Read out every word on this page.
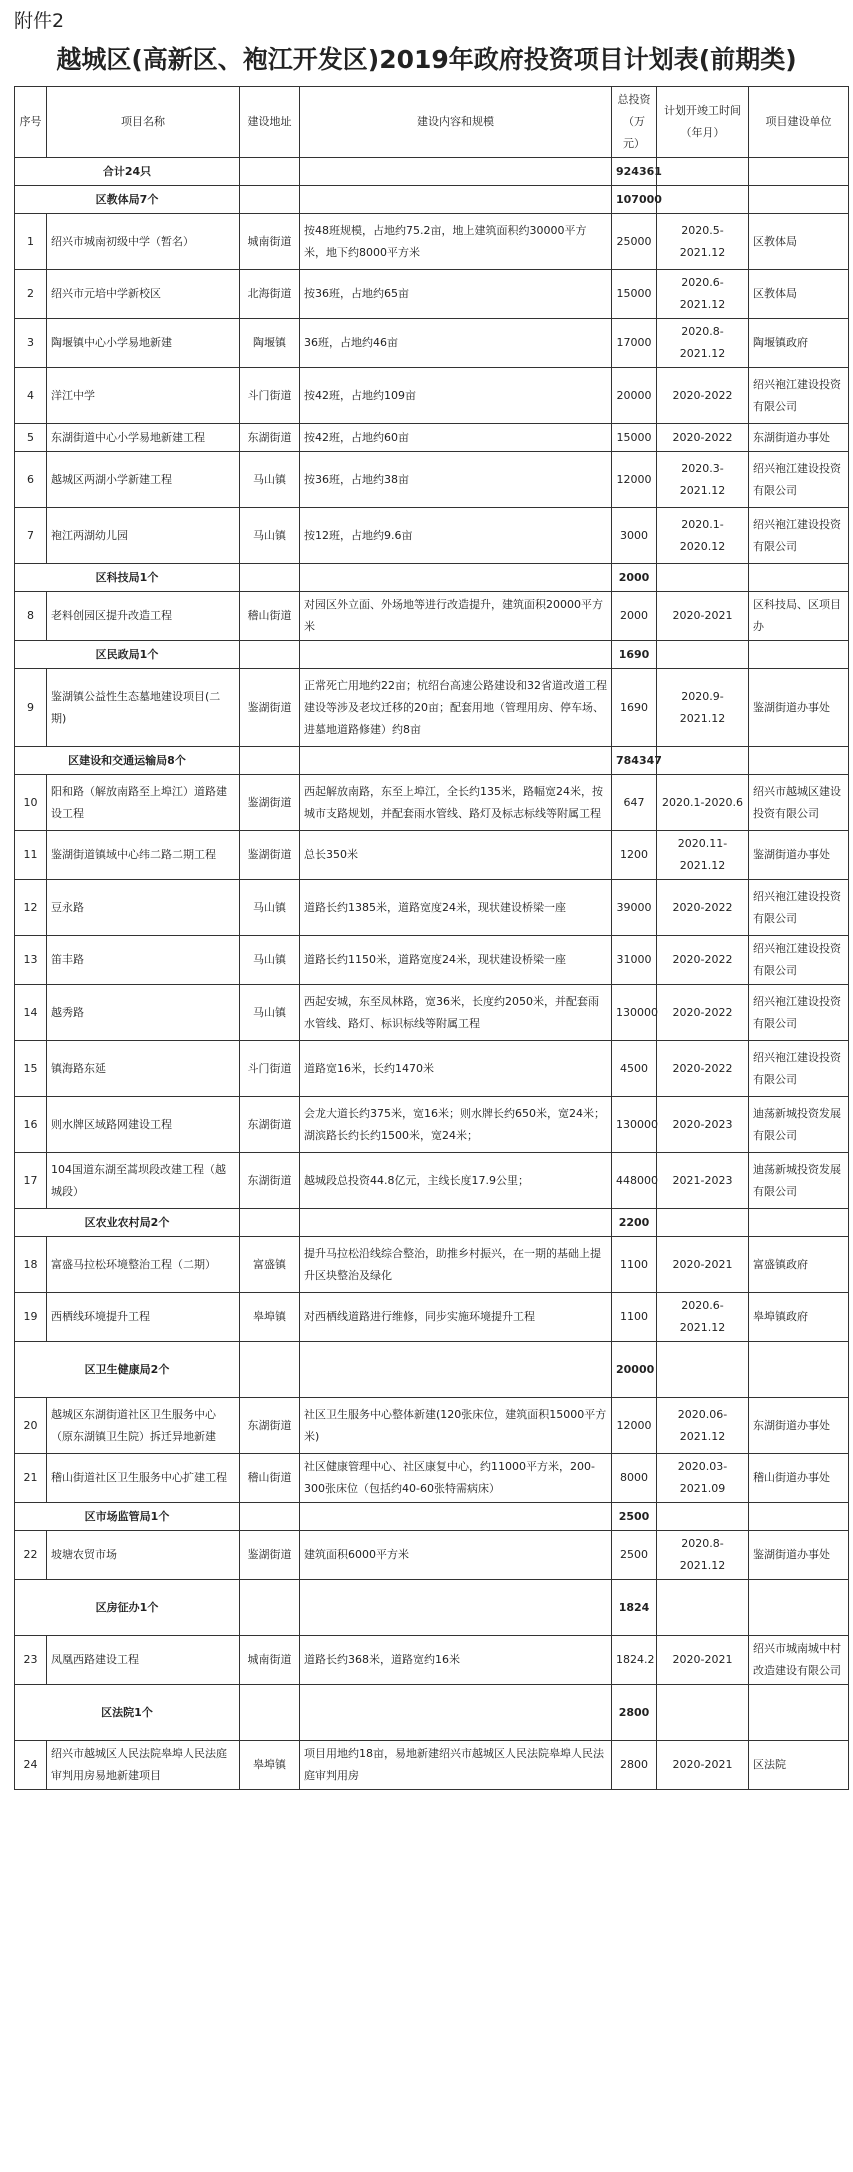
附件2
越城区(高新区、袍江开发区)2019年政府投资项目计划表(前期类)
序号	项目名称	建设地址	建设内容和规模	总投资（万元）	计划开竣工时间（年月）	项目建设单位
合计24只				924361		
区教体局7个				107000		
1	绍兴市城南初级中学（暂名）	城南街道	按48班规模，占地约75.2亩，地上建筑面积约30000平方米，地下约8000平方米	25000	2020.5-2021.12	区教体局
2	绍兴市元培中学新校区	北海街道	按36班，占地约65亩	15000	2020.6-2021.12	区教体局
3	陶堰镇中心小学易地新建	陶堰镇	36班，占地约46亩	17000	2020.8-2021.12	陶堰镇政府
4	洋江中学	斗门街道	按42班，占地约109亩	20000	2020-2022	绍兴袍江建设投资有限公司
5	东湖街道中心小学易地新建工程	东湖街道	按42班，占地约60亩	15000	2020-2022	东湖街道办事处
6	越城区两湖小学新建工程	马山镇	按36班，占地约38亩	12000	2020.3-2021.12	绍兴袍江建设投资有限公司
7	袍江两湖幼儿园	马山镇	按12班，占地约9.6亩	3000	2020.1-2020.12	绍兴袍江建设投资有限公司
区科技局1个				2000		
8	老料创园区提升改造工程	稽山街道	对园区外立面、外场地等进行改造提升，建筑面积20000平方米	2000	2020-2021	区科技局、区项目办
区民政局1个				1690		
9	鉴湖镇公益性生态墓地建设项目(二期)	鉴湖街道	正常死亡用地约22亩；杭绍台高速公路建设和32省道改道工程建设等涉及老坟迁移的20亩；配套用地（管理用房、停车场、进墓地道路修建）约8亩	1690	2020.9-2021.12	鉴湖街道办事处
区建设和交通运输局8个				784347		
10	阳和路（解放南路至上埠江）道路建设工程	鉴湖街道	西起解放南路，东至上埠江，全长约135米，路幅宽24米，按城市支路规划，并配套雨水管线、路灯及标志标线等附属工程	647	2020.1-2020.6	绍兴市越城区建设投资有限公司
11	鉴湖街道镇域中心纬二路二期工程	鉴湖街道	总长350米	1200	2020.11-2021.12	鉴湖街道办事处
12	豆永路	马山镇	道路长约1385米，道路宽度24米，现状建设桥梁一座	39000	2020-2022	绍兴袍江建设投资有限公司
13	笛丰路	马山镇	道路长约1150米，道路宽度24米，现状建设桥梁一座	31000	2020-2022	绍兴袍江建设投资有限公司
14	越秀路	马山镇	西起安城，东至凤林路，宽36米，长度约2050米，并配套雨水管线、路灯、标识标线等附属工程	130000	2020-2022	绍兴袍江建设投资有限公司
15	镇海路东延	斗门街道	道路宽16米，长约1470米	4500	2020-2022	绍兴袍江建设投资有限公司
16	则水牌区域路网建设工程	东湖街道	会龙大道长约375米，宽16米；则水牌长约650米，宽24米；湖滨路长约长约1500米，宽24米；	130000	2020-2023	迪荡新城投资发展有限公司
17	104国道东湖至蒿坝段改建工程（越城段）	东湖街道	越城段总投资44.8亿元，主线长度17.9公里；	448000	2021-2023	迪荡新城投资发展有限公司
区农业农村局2个				2200		
18	富盛马拉松环境整治工程（二期）	富盛镇	提升马拉松沿线综合整治，助推乡村振兴，在一期的基础上提升区块整治及绿化	1100	2020-2021	富盛镇政府
19	西栖线环境提升工程	皋埠镇	对西栖线道路进行维修，同步实施环境提升工程	1100	2020.6-2021.12	皋埠镇政府
区卫生健康局2个				20000		
20	越城区东湖街道社区卫生服务中心（原东湖镇卫生院）拆迁异地新建	东湖街道	社区卫生服务中心整体新建(120张床位，建筑面积15000平方米)	12000	2020.06-2021.12	东湖街道办事处
21	稽山街道社区卫生服务中心扩建工程	稽山街道	社区健康管理中心、社区康复中心，约11000平方米，200-300张床位（包括约40-60张特需病床）	8000	2020.03-2021.09	稽山街道办事处
区市场监管局1个				2500		
22	坡塘农贸市场	鉴湖街道	建筑面积6000平方米	2500	2020.8-2021.12	鉴湖街道办事处
区房征办1个				1824		
23	凤凰西路建设工程	城南街道	道路长约368米，道路宽约16米	1824.2	2020-2021	绍兴市城南城中村改造建设有限公司
区法院1个				2800		
24	绍兴市越城区人民法院皋埠人民法庭审判用房易地新建项目	皋埠镇	项目用地约18亩，易地新建绍兴市越城区人民法院皋埠人民法庭审判用房	2800	2020-2021	区法院
